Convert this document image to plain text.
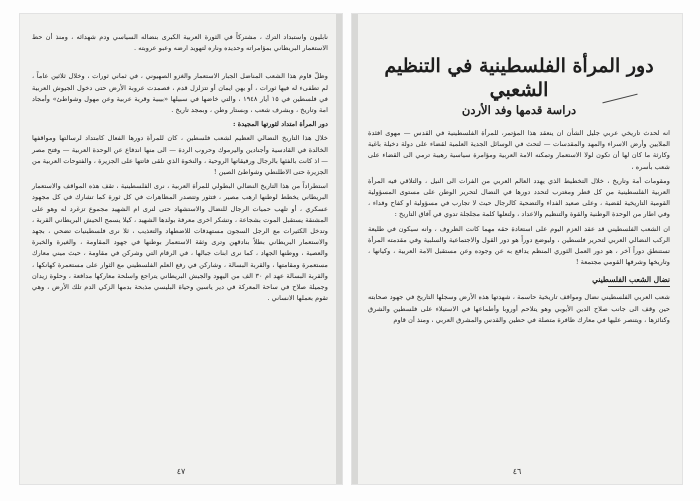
نابليون واستبداد الترك ، مشتركاً في الثورة العربية الكبرى بنضاله السياسي ودم شهدائه ، ومنذ أن حط الاستعمار البريطاني بمؤامراته وحديده وناره لتهويد ارضه وعبو عروبته .

وظلّ قاوم هذا الشعب المناضل الجبار الاستعمار والغزو الصهيوني ، في ثماني ثورات ، وخلال ثلاثين عاماً ، لم تطفىء له فيها ثورات ، أو يهن ايمان أو تتزلزل قدم ، فصمدت عروبة الأرض حتى دخول الجيوش العربية في فلسطين في ١٥ أيار ١٩٤٨ ، والتي خاضها في سبيلها «بيبية وقرية عربية وعن مهول وشواطئ» وأمجاد امة وتاريخ ، وبشرف شعب ، وبستار وطن ، وبمجد تاريخ .

دور المرأة امتداد لثورتها المجيدة :

خلال هذا التاريخ النضالي العظيم لشعب فلسطين ، كان للمرأة دورها الفعال كامتداد لرسالتها ومواقفها الخالدة في القادسية وأجنادين واليرموك وحروب الردة — الى منها اندفاع عن الوحدة العربية — وفتح مصر — اذ كانت بالفئها بالرجال ورفيقاتها الروحية ، والنخوة الذي تلقى فاتتها على الجزيرة ، والفتوحات العربية من الجزيرة حتى الاطلنطي وشواطئ الصين !

استطراداً من هذا التاريخ النضالي البطولي للمرأة العربية ، نرى الفلسطينية ، تقف هذه المواقف والاستعمار البريطاني يخطط لوطنها ارهب مصير ، فتثور وتتصدر المظاهرات في كل ثورة كما تشارك في كل مجهود عسكري ، أو تلهب حميات الرجال للنضال والاستشهاد حتى لنرى ام الشهيد مجموع تزغرد له وهو على المشنقة يستقبل الموت بشجاعة ، وتشكر اخرى معرفة بولدها الشهيد ، كيلا يسمح الحيش البريطاني القربة ، وتدخل الكثيرات مع الرجل السجون مستهدفات للاضطهاد والتعذيب ، ثلا نرى فلسطينيات تضحي ، بجهد والاستعمار البريطاني بطلاً بنادقهن وترى وثقة الاستعمار بوطنها في جهود المقاومة ، والغيرة والخبرة والعصية ، ووطنها الجهاد ، كما نرى ابنات جبالها ، في الرقام التي وشركن في مقاومة ، حيث ميني معارك مستعمرة ومقامتها ، والقربة البسالة ، وشاركن في رفع العلم الفلسطيني مع الثوار على مستعمرة كهانكها ، والقربة البسالة عهد ام ٣٠ الف من اليهود والجيش البريطاني يتراجع واسلحة معاركها مدافعة ، وحلوة زيدان وجميلة صلاح في ساحة المعركة في دير ياسين وحياة البليسي مذبحة بدمها الزكي الدم تلك الأرض ، وهي تقوم بعملها الانساني .

٤٧
دور المرأة الفلسطينية في التنظيم الشعبي
دراسة قدمها وفد الأردن

انه لحدث تاريخي عربي جليل الشأن ان ينعقد هذا المؤتمر، للمرأة الفلسطينية في القدس — مهوى افئدة الملايين وأرض الاسراء والمهد والمقدسات — لتحث في الوسائل الجدية العلمية لقضاء على دولة دخيلة باغية وكارثة ما كان لها أن تكون لولا الاستعمار وتمكنه الامة العربية ومؤامرة سياسية رهيبة ترمي الى القضاء على شعب بأسره ،

ومقومات أمة وتاريخ ، خلال التخطيط الذي يهدد العالم العربي من الفرات الى النيل ، والتلاقي فيه المرأة العربية الفلسطينية من كل قطر ومغترب لتحدد دورها في النضال لتحرير الوطن على مستوى المسؤولية القومية التاريخية لقضية ، وعلى صعيد الفداء والتضحية كالرجال حيث لا تجارب في مسؤولية او كفاح وفداء ، وفي اطار من الوحدة الوطنية والقوة والتنظيم والاعداد ، ولتعلها كلمة مجلجلة تدوي في آفاق التاريخ :

ان الشعب الفلسطيني قد عقد العزم اليوم على استعادة حقه مهما كانت الظروف ، وانه سيكون في طليعة الركب النضالي العربي لتحرير فلسطين ، وليوضع دوراً هو دور القول والاجتماعية والسلبية وفي مقدمته المرأة تستنطق دوراً آخر ، هو دور العمل الثوري المنظم يدافع به عن وجوده وعن مستقبل الامة العربية ، وكيانها ، وتاريخها وشرفها القومي مجتمعة !

نضال الشعب الفلسطيني

شعب العربي الفلسطيني نضال ومواقف تاريخية حاسمة ، شهدتها هذه الأرض وسجلها التاريخ في جهود صحابته حين وقف الى جانب صلاح الدين الأيوبي وهو يتلاحم أوروبا وأطماعها في الاستيلاء على فلسطين والشرق وكنائزها ، ويتنصر عليها في معارك ظافرة متصلة في حطين والقدس والمشرق العربي ، ومنذ أن قاوم

٤٦
